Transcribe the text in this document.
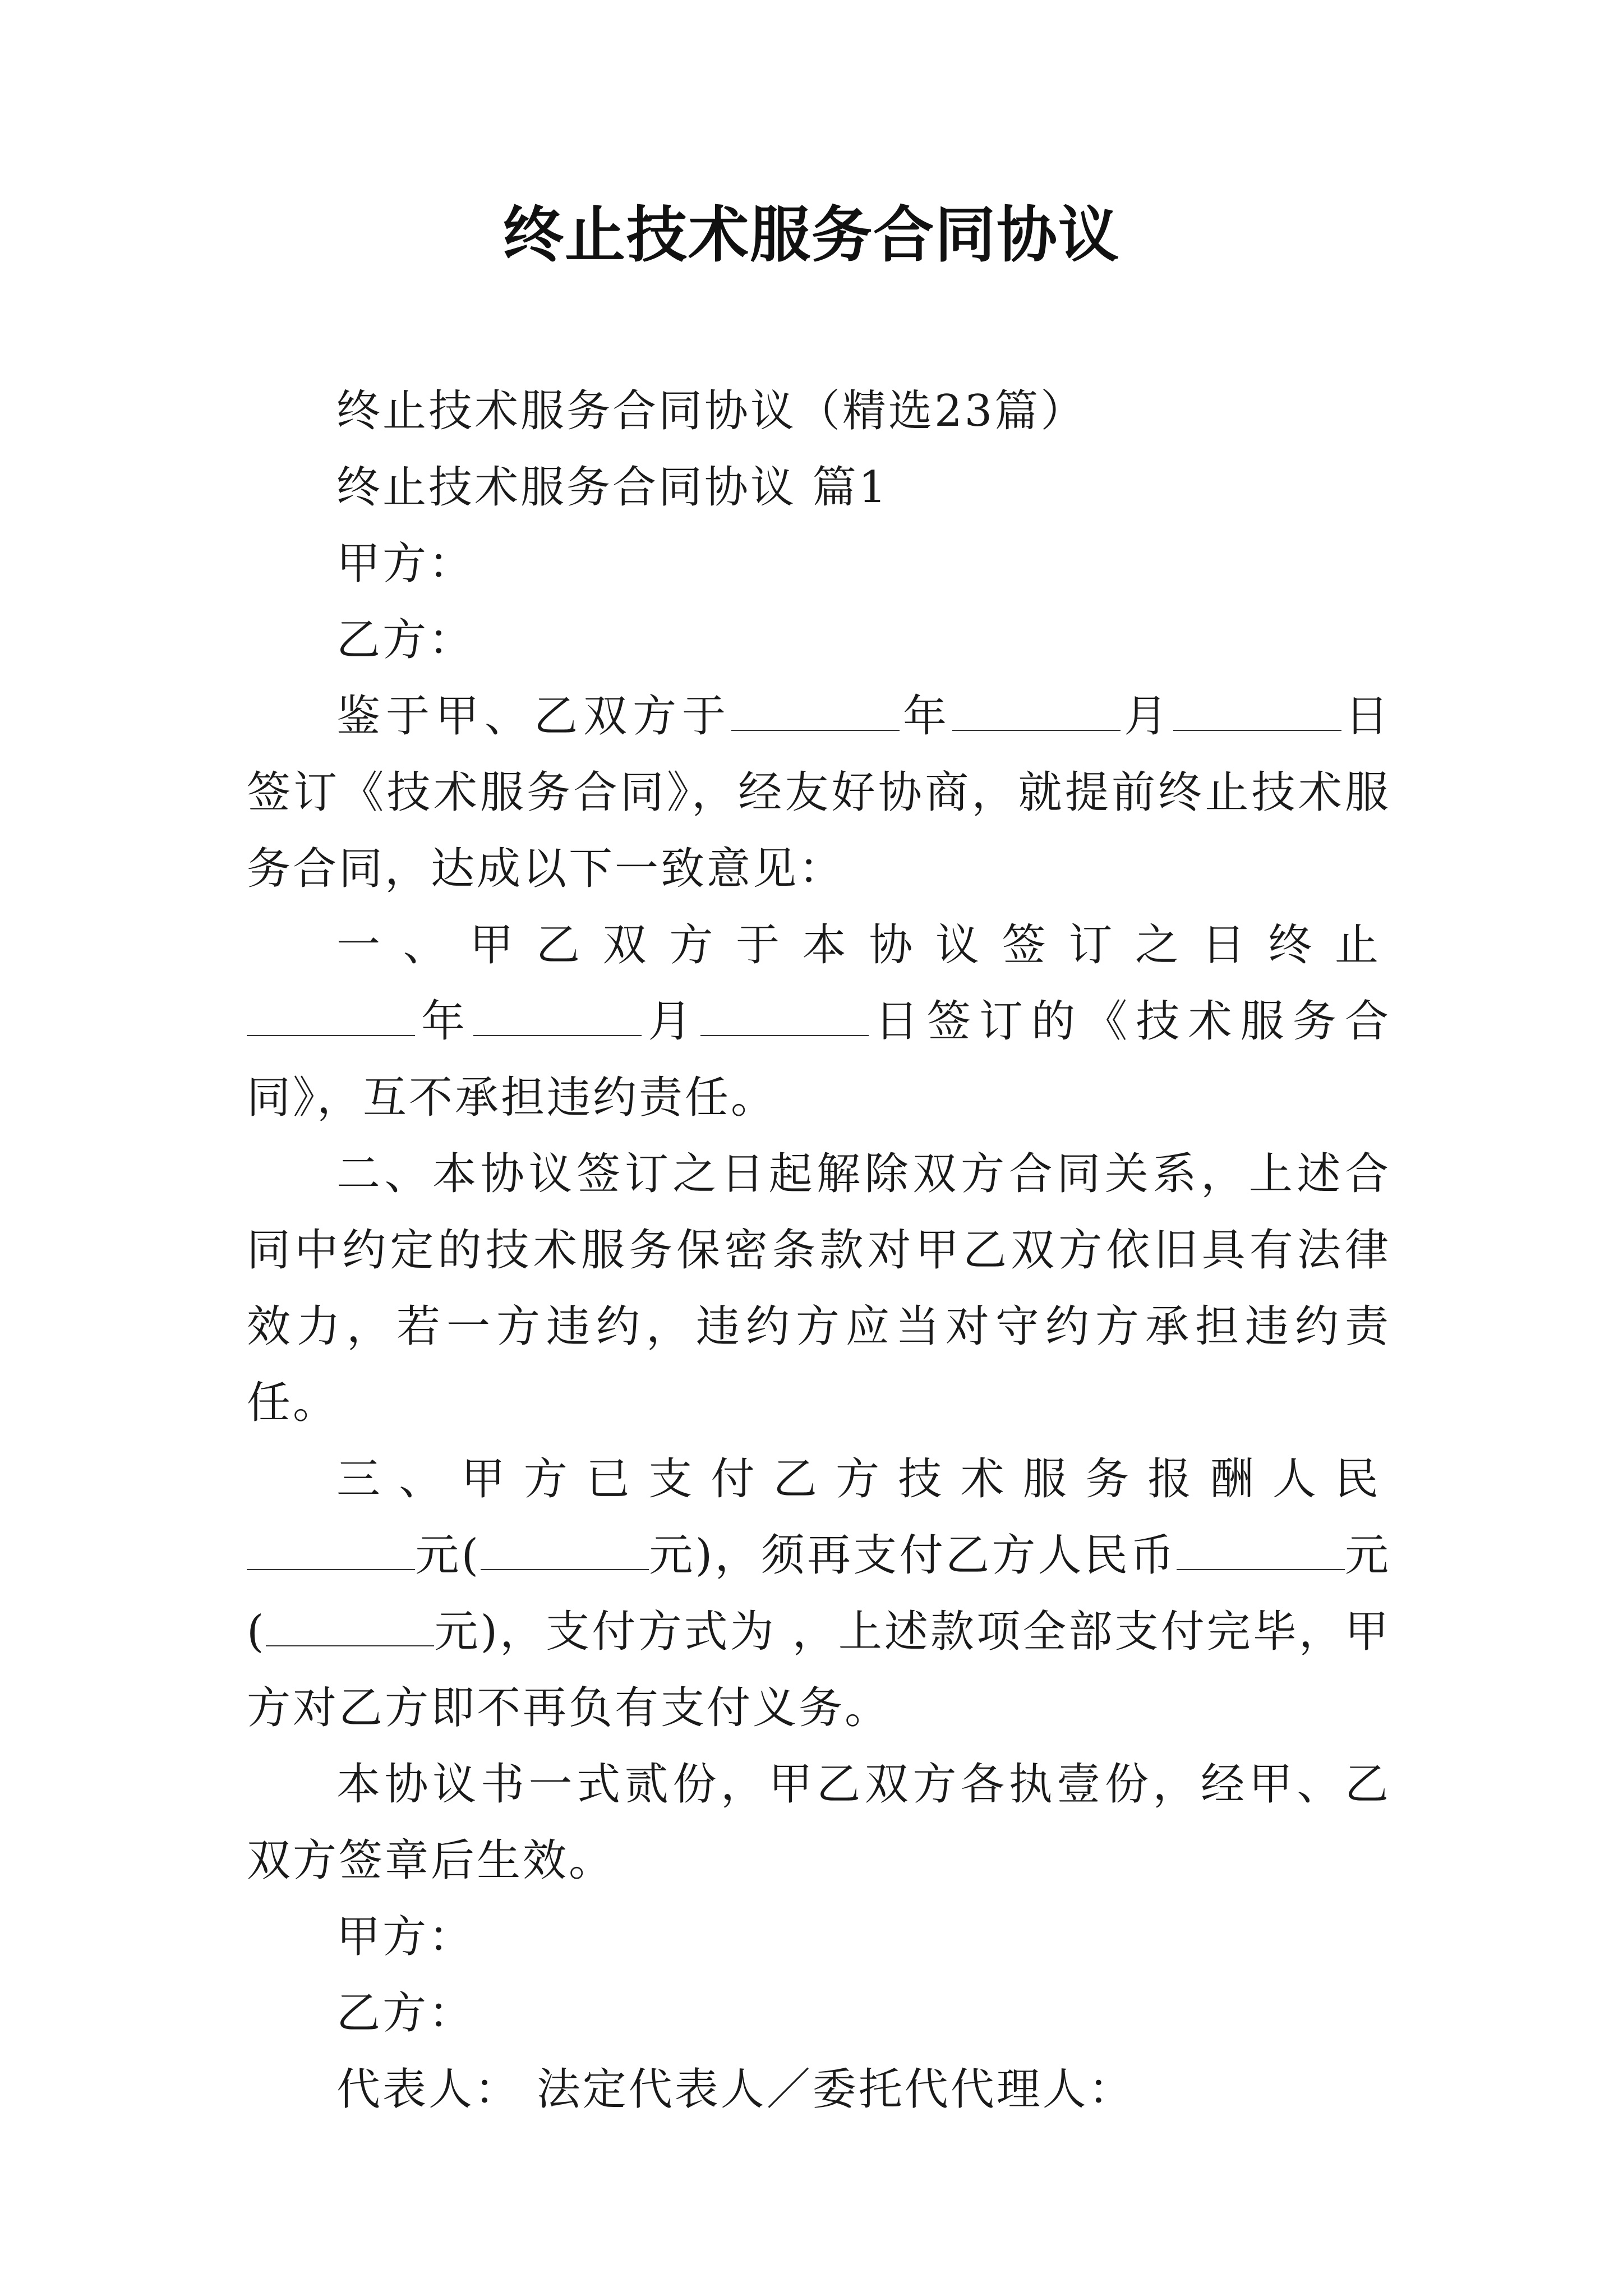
终止技术服务合同协议

终止技术服务合同协议（精选23篇）

终止技术服务合同协议 篇1

甲方：

乙方：

鉴于甲、乙双方于	年	月	日签订《技术服务合同》，经友好协商，就提前终止技术服务合同，达成以下一致意见：

一、甲乙双方于本协议签订之日终止年	月	日签订的《技术服务合同》，互不承担违约责任。

二、本协议签订之日起解除双方合同关系，上述合同中约定的技术服务保密条款对甲乙双方依旧具有法律效力，若一方违约，违约方应当对守约方承担违约责任。

三、甲方已支付乙方技术服务报酬人民元(	元)，须再支付乙方人民币	元(	元)，支付方式为 ，上述款项全部支付完毕，甲方对乙方即不再负有支付义务。

本协议书一式贰份，甲乙双方各执壹份，经甲、乙双方签章后生效。

甲方：

乙方：

代表人： 法定代表人／委托代代理人：
